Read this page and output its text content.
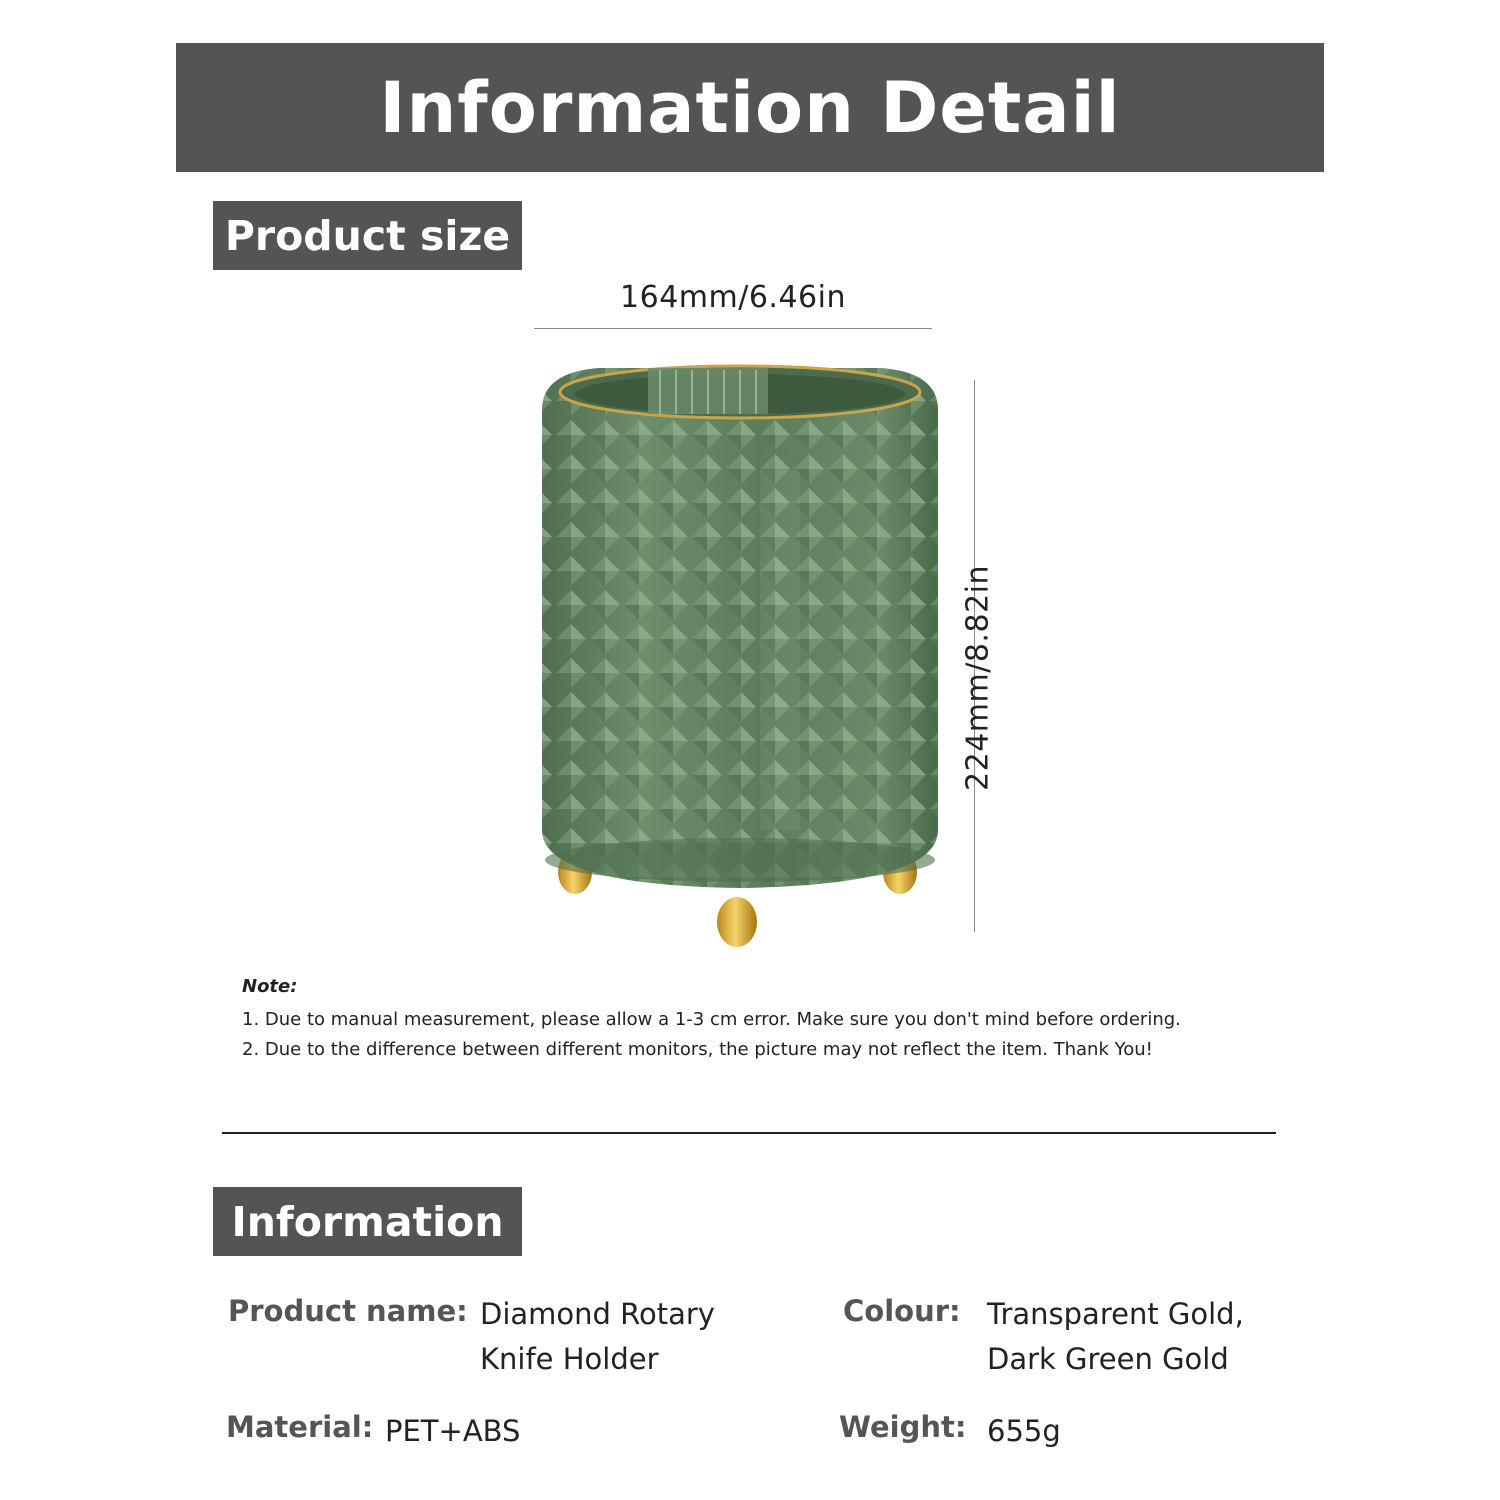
Information Detail
Product size
164mm/6.46in
224mm/8.82in
Note:
1. Due to manual measurement, please allow a 1-3 cm error. Make sure you don't mind before ordering.
2. Due to the difference between different monitors, the picture may not reflect the item. Thank You!
Information
Product name: Diamond Rotary
Knife Holder
Colour: Transparent Gold,
Dark Green Gold
Material: PET+ABS	Weight: 655g
